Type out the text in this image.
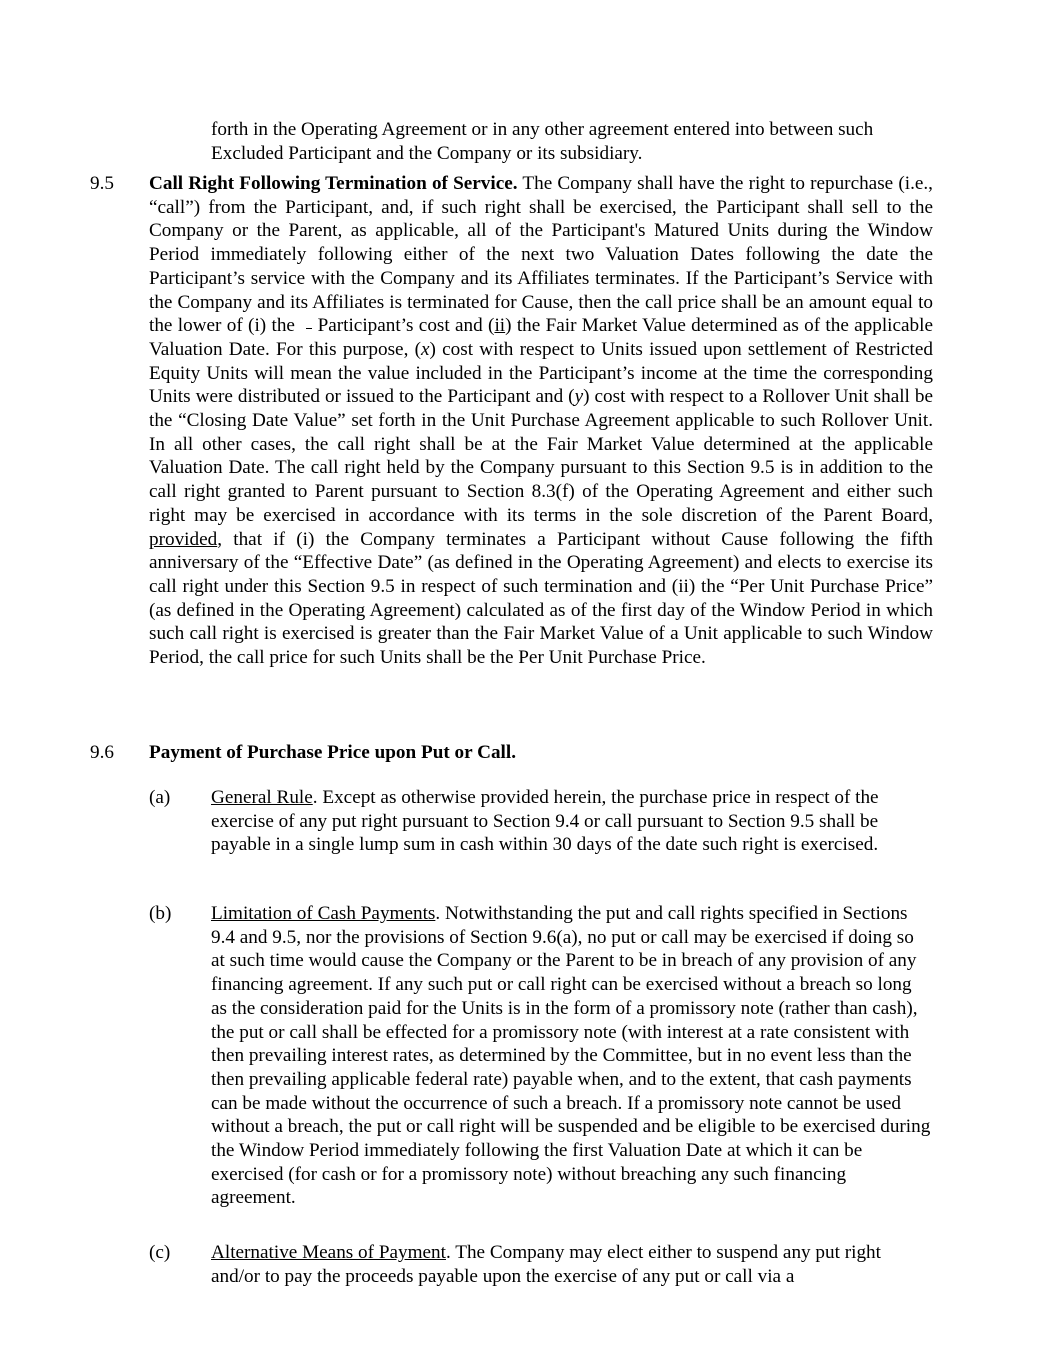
forth in the Operating Agreement or in any other agreement entered into between such Excluded Participant and the Company or its subsidiary.
9.5	Call Right Following Termination of Service. The Company shall have the right to repurchase (i.e., “call”) from the Participant, and, if such right shall be exercised, the Participant shall sell to the Company or the Parent, as applicable, all of the Participant's Matured Units during the Window Period immediately following either of the next two Valuation Dates following the date the Participant’s service with the Company and its Affiliates terminates. If the Participant’s Service with the Company and its Affiliates is terminated for Cause, then the call price shall be an amount equal to the lower of (i) the  Participant’s cost and (ii) the Fair Market Value determined as of the applicable Valuation Date. For this purpose, (x) cost with respect to Units issued upon settlement of Restricted Equity Units will mean the value included in the Participant’s income at the time the corresponding Units were distributed or issued to the Participant and (y) cost with respect to a Rollover Unit shall be the “Closing Date Value” set forth in the Unit Purchase Agreement applicable to such Rollover Unit. In all other cases, the call right shall be at the Fair Market Value determined at the applicable Valuation Date. The call right held by the Company pursuant to this Section 9.5 is in addition to the call right granted to Parent pursuant to Section 8.3(f) of the Operating Agreement and either such right may be exercised in accordance with its terms in the sole discretion of the Parent Board, provided, that if (i) the Company terminates a Participant without Cause following the fifth anniversary of the “Effective Date” (as defined in the Operating Agreement) and elects to exercise its call right under this Section 9.5 in respect of such termination and (ii) the “Per Unit Purchase Price” (as defined in the Operating Agreement) calculated as of the first day of the Window Period in which such call right is exercised is greater than the Fair Market Value of a Unit applicable to such Window Period, the call price for such Units shall be the Per Unit Purchase Price.
9.6	Payment of Purchase Price upon Put or Call.
(a)	General Rule. Except as otherwise provided herein, the purchase price in respect of the exercise of any put right pursuant to Section 9.4 or call pursuant to Section 9.5 shall be payable in a single lump sum in cash within 30 days of the date such right is exercised.
(b)	Limitation of Cash Payments. Notwithstanding the put and call rights specified in Sections 9.4 and 9.5, nor the provisions of Section 9.6(a), no put or call may be exercised if doing so at such time would cause the Company or the Parent to be in breach of any provision of any financing agreement. If any such put or call right can be exercised without a breach so long as the consideration paid for the Units is in the form of a promissory note (rather than cash), the put or call shall be effected for a promissory note (with interest at a rate consistent with then prevailing interest rates, as determined by the Committee, but in no event less than the then prevailing applicable federal rate) payable when, and to the extent, that cash payments can be made without the occurrence of such a breach. If a promissory note cannot be used without a breach, the put or call right will be suspended and be eligible to be exercised during the Window Period immediately following the first Valuation Date at which it can be exercised (for cash or for a promissory note) without breaching any such financing agreement.
(c)	Alternative Means of Payment. The Company may elect either to suspend any put right and/or to pay the proceeds payable upon the exercise of any put or call via a
